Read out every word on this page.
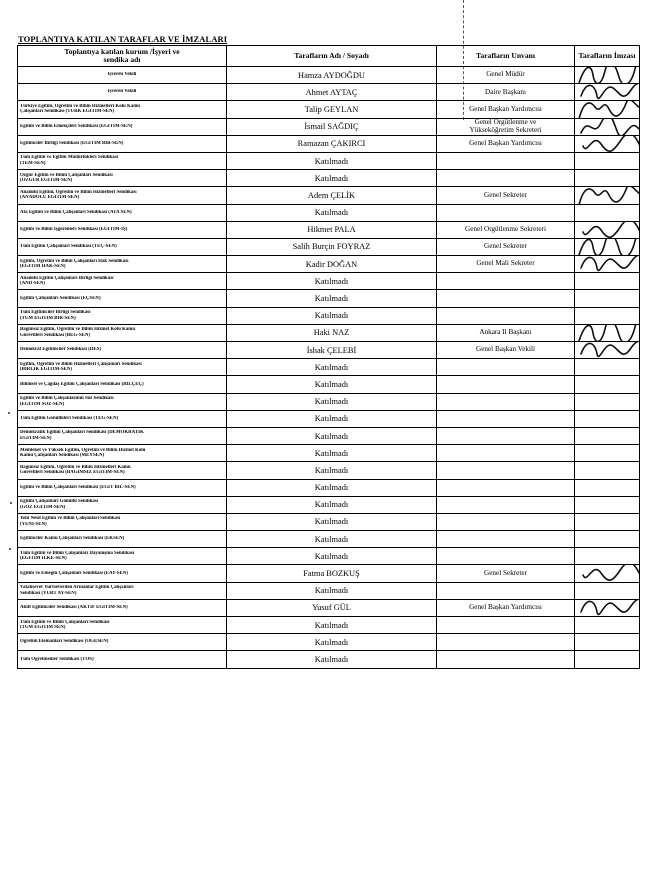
TOPLANTIYA KATILAN TARAFLAR VE İMZALARI
Toplantıya katılan kurum /İşyeri ve
sendika adı	Tarafların Adı / Soyadı	Tarafların Unvanı	Tarafların İmzası

İşveren Vekili	Hamza AYDOĞDU	Genel Müdür

İşveren Vekili	Ahmet AYTAÇ	Daire Başkanı

Türkiye Eğitim, Öğretim ve Bilim Hizmetleri Kolu Kamu
Çalışanları Sendikası (TÜRK EĞİTİM-SEN)	Talip GEYLAN	Genel Başkan Yardımcısı

Eğitim ve Bilim Emekçileri Sendikası (EĞİTİM-SEN)	İsmail SAĞDIÇ	Genel Örgütlenme ve
Yükseköğretim Sekreteri

Eğitimciler Birliği Sendikası (EĞİTİM BİR-SEN)	Ramazan ÇAKIRCI	Genel Başkan Yardımcısı

Tüm Eğitim ve Eğitim Müdürlükleri Sendikası
(TEM-SEN)	Katılmadı	

Özgür Eğitim ve Bilim Çalışanları Sendikası
(ÖZGÜR EĞİTİM-SEN)	Katılmadı	

Anadolu Eğitim, Öğretim ve Bilim Hizmetleri Sendikası
(ANADOLU EĞİTİM-SEN)	Adem ÇELİK	Genel Sekreter

Ata Eğitim ve Bilim Çalışanları Sendikası (ATA SEN)	Katılmadı	

Eğitim ve Bilim İşgörenleri Sendikası (EĞİTİM-İŞ)	Hikmet PALA	Genel Örgütlenme Sekreteri

Tüm Eğitim Çalışanları Sendikası (TEÇ-SEN)	Salih Burçin FOYRAZ	Genel Sekreter

Eğitim, Öğretim ve Bilim Çalışanları Hak Sendikası
(EĞİTİM HAK-SEN)	Kadir DOĞAN	Genel Mali Sekreter

Anadolu Eğitim Çalışanları Birliği Sendikası
(AND-SEN)	Katılmadı	

Eğitim Çalışanları Sendikası (EÇSEN)	Katılmadı	

Tüm Eğitimciler Birliği Sendikası
(TÜM EĞİTİM BİR-SEN)	Katılmadı	

Bağımsız Eğitim, Öğretim ve Bilim Hizmet Kolu Kamu
Görevlileri Sendikası (BEG-SEN)	Haki NAZ	Ankara İl Başkanı

Demokrat Eğitimciler Sendikası (DES)	İshak ÇELEBİ	Genel Başkan Vekili

Eğitim, Öğretim ve Bilim Hizmetleri Çalışanları Sendikası
(BİRLİK EĞİTİM-SEN)	Katılmadı	

Bilimsel ve Çağdaş Eğitim Çalışanları Sendikası (BİLÇEÇ)	Katılmadı	

Eğitim ve Bilim Çalışanlarının Söz Sendikası
(EĞİTİM SÖZ-SEN)	Katılmadı	

Tüm Eğitim Gönüllüleri Sendikası (TEG-SEN)	Katılmadı	

Demokratik Eğitim Çalışanları Sendikası (DEMOKRATİK
EĞİTİM-SEN)	Katılmadı	

Memleket ve Yüksek Eğitim, Öğretim ve Bilim Hizmet Kolu
Kamu Çalışanları Sendikası (MEYSEN)	Katılmadı	

Bağımsız Eğitim, Öğretim ve Bilim Hizmetleri Kamu
Görevlileri Sendikası (BAĞIMSIZ EĞİTİM-SEN)	Katılmadı	

Eğitim ve Bilim Çalışanları Sendikası (EGİT BİL-SEN)	Katılmadı	

Eğitim Çalışanları Gönüllü Sendikası
(GÖZ EĞİTİM-SEN)	Katılmadı	

Yeni Nesil Eğitim ve Bilim Çalışanları Sendikası
(YENİ-SEN)	Katılmadı	

Eğitimciler Kamu Çalışanları Sendikası (EKSEN)	Katılmadı	

Tüm Eğitim ve Bilim Çalışanları Dayanışma Sendikası
(EĞİTİM İLKE-SEN)	Katılmadı	

Eğitim ve Emeğin Çalışanları Sendikası (EAY-SEN)	Fatma BOZKUŞ	Genel Sekreter

Vatansever Yurtseverden Arınanlar Eğitim Çalışanları
Sendikası (YURT AY-SEN)	Katılmadı	

Aktif Eğitimciler Sendikası (AKTİF EĞİTİM-SEN)	Yusuf GÜL	Genel Başkan Yardımcısı

Tüm Eğitim ve Bilim Çalışanları Sendikası
(TÜM EĞİTİM SEN)	Katılmadı	

Öğretim Elemanları Sendikası (ÖGESEN)	Katılmadı	

Tüm Öğretmenler Sendikası (TÖS)	Katılmadı	
